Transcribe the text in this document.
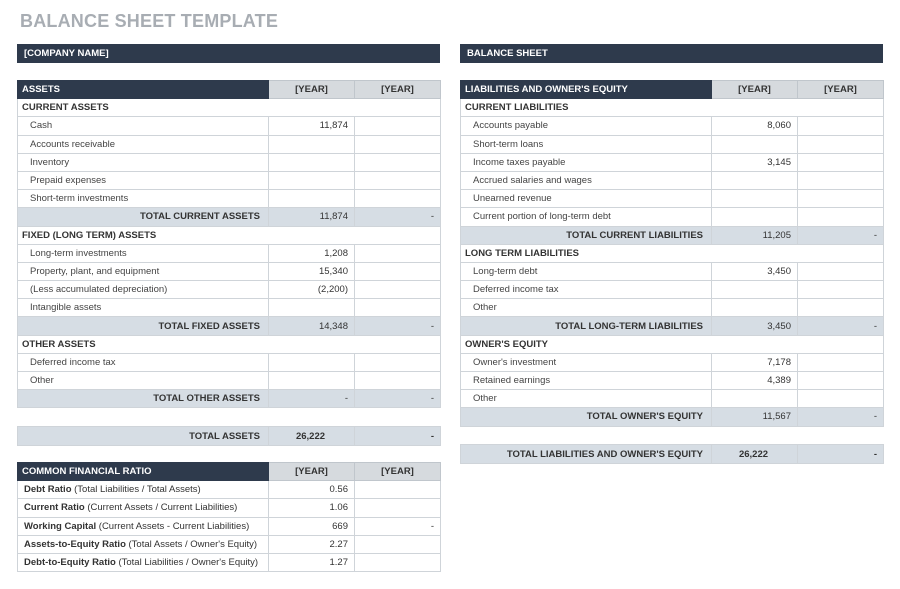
BALANCE SHEET TEMPLATE
[COMPANY NAME]	BALANCE SHEET
ASSETS	[YEAR]	[YEAR]
CURRENT ASSETS		
Cash	11,874	
Accounts receivable		
Inventory		
Prepaid expenses		
Short-term investments		
TOTAL CURRENT ASSETS	11,874	-
FIXED (LONG TERM) ASSETS		
Long-term investments	1,208	
Property, plant, and equipment	15,340	
(Less accumulated depreciation)	(2,200)	
Intangible assets		
TOTAL FIXED ASSETS	14,348	-
OTHER ASSETS		
Deferred income tax		
Other		
TOTAL OTHER ASSETS	-	-
TOTAL ASSETS	26,222	-
COMMON FINANCIAL RATIO	[YEAR]	[YEAR]
Debt Ratio (Total Liabilities / Total Assets)	0.56	
Current Ratio (Current Assets / Current Liabilities)	1.06	
Working Capital (Current Assets - Current Liabilities)	669	-
Assets-to-Equity Ratio (Total Assets / Owner's Equity)	2.27	
Debt-to-Equity Ratio (Total Liabilities / Owner's Equity)	1.27	
LIABILITIES AND OWNER'S EQUITY	[YEAR]	[YEAR]
CURRENT LIABILITIES		
Accounts payable	8,060	
Short-term loans		
Income taxes payable	3,145	
Accrued salaries and wages		
Unearned revenue		
Current portion of long-term debt		
TOTAL CURRENT LIABILITIES	11,205	-
LONG TERM LIABILITIES		
Long-term debt	3,450	
Deferred income tax		
Other		
TOTAL LONG-TERM LIABILITIES	3,450	-
OWNER'S EQUITY		
Owner's investment	7,178	
Retained earnings	4,389	
Other		
TOTAL OWNER'S EQUITY	11,567	-
TOTAL LIABILITIES AND OWNER'S EQUITY	26,222	-
